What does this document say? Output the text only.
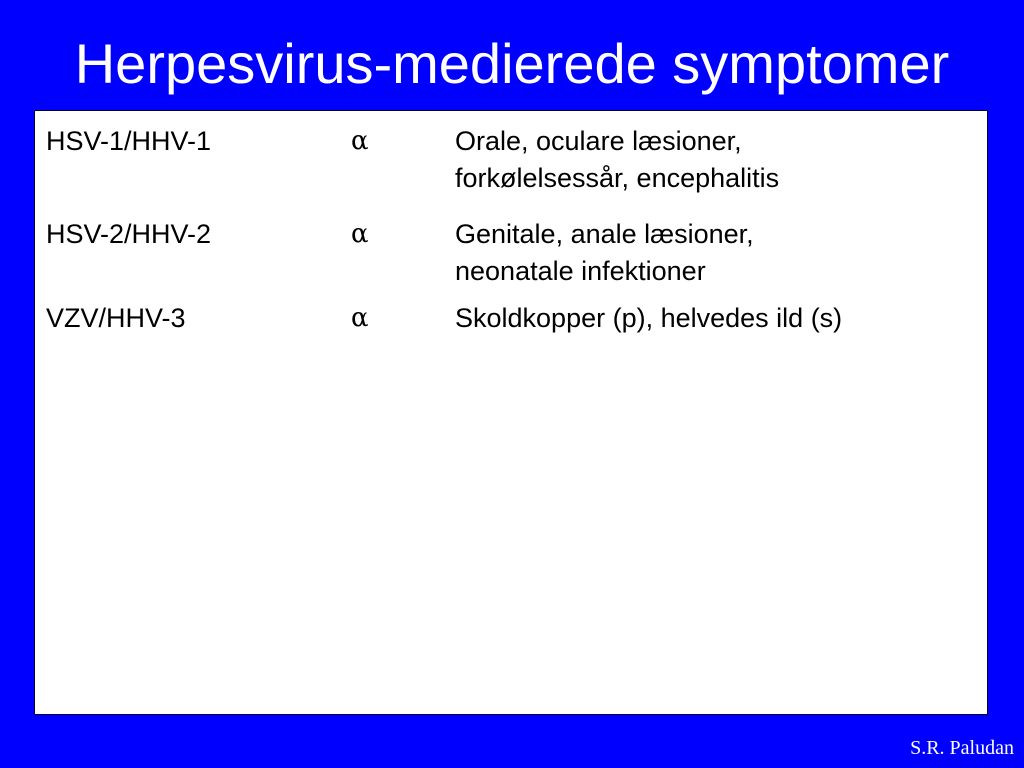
Herpesvirus-medierede symptomer
HSV-1/HHV-1	α	Orale, oculare læsioner,
forkølelsessår, encephalitis
HSV-2/HHV-2	α	Genitale, anale læsioner,
neonatale infektioner
VZV/HHV-3	α	Skoldkopper (p), helvedes ild (s)
S.R. Paludan
